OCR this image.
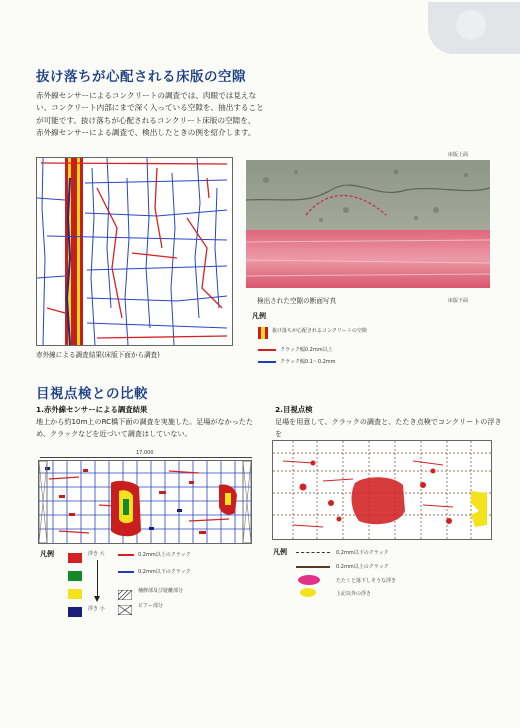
抜け落ちが心配される床版の空隙
赤外線センサーによるコンクリートの調査では、肉眼では見えな
い、コンクリート内部にまで深く入っている空隙を、抽出すること
が可能です。抜け落ちが心配されるコンクリート床版の空隙を、
赤外線センサーによる調査で、検出したときの例を紹介します。
赤外線による調査結果(床版下面から調査)
床版上面
検出された空隙の断面写真	床版下面
凡例
抜け落ちが心配されるコンクリートの空隙
クラック幅0.2mm以上
クラック幅0.1〜0.2mm
目視点検との比較
1.赤外線センサーによる調査結果
地上から約10m上のRC橋下面の調査を実施した。足場がなかったた
め、クラックなどを近づいて調査はしていない。
2.目視点検
足場を用意して、クラックの調査と、たたき点検でコンクリートの浮きを
17,000
凡例	浮き 大
浮き 小
0.2mm以上のクラック
0.2mm以下のクラック
補修部及び遊離部分
ピアー部分
凡例	0.2mm以下のクラック
0.2mm以上のクラック
たたくと落下しそうな浮き
上記以外の浮き
